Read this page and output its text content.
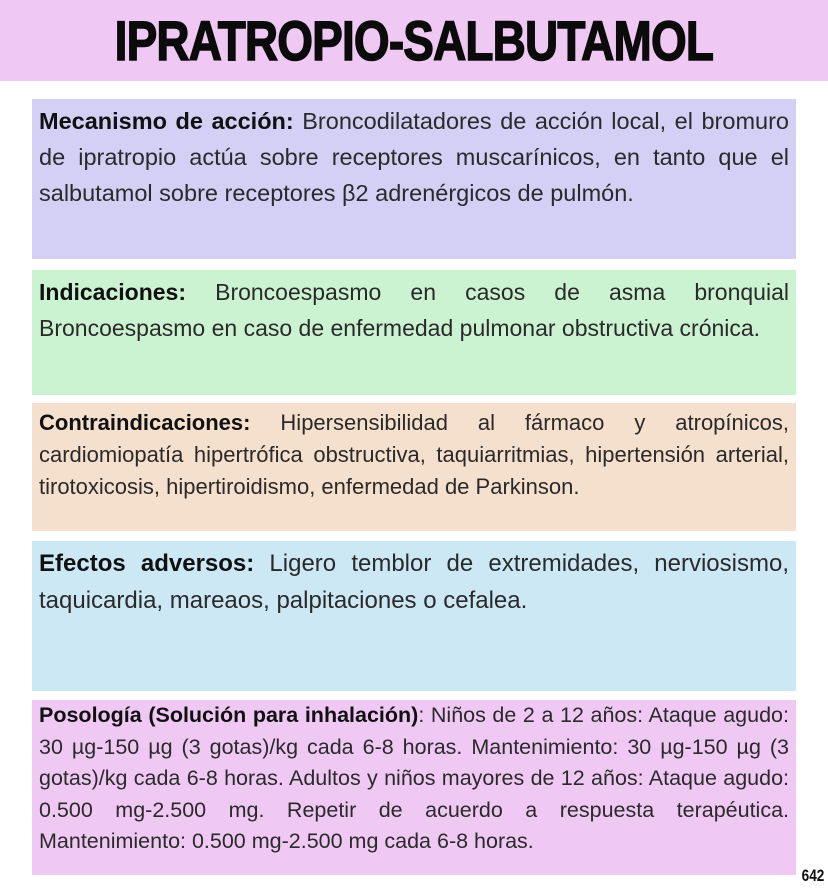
IPRATROPIO-SALBUTAMOL
Mecanismo de acción: Broncodilatadores de acción local, el bromuro de ipratropio actúa sobre receptores muscarínicos, en tanto que el salbutamol sobre receptores β2 adrenérgicos de pulmón.
Indicaciones: Broncoespasmo en casos de asma bronquial Broncoespasmo en caso de enfermedad pulmonar obstructiva crónica.
Contraindicaciones: Hipersensibilidad al fármaco y atropínicos, cardiomiopatía hipertrófica obstructiva, taquiarritmias, hipertensión arterial, tirotoxicosis, hipertiroidismo, enfermedad de Parkinson.
Efectos adversos: Ligero temblor de extremidades, nerviosismo, taquicardia, mareaos, palpitaciones o cefalea.
Posología (Solución para inhalación): Niños de 2 a 12 años: Ataque agudo: 30 µg-150 µg (3 gotas)/kg cada 6-8 horas. Mantenimiento: 30 µg-150 µg (3 gotas)/kg cada 6-8 horas. Adultos y niños mayores de 12 años: Ataque agudo: 0.500 mg-2.500 mg. Repetir de acuerdo a respuesta terapéutica. Mantenimiento: 0.500 mg-2.500 mg cada 6-8 horas.
642
